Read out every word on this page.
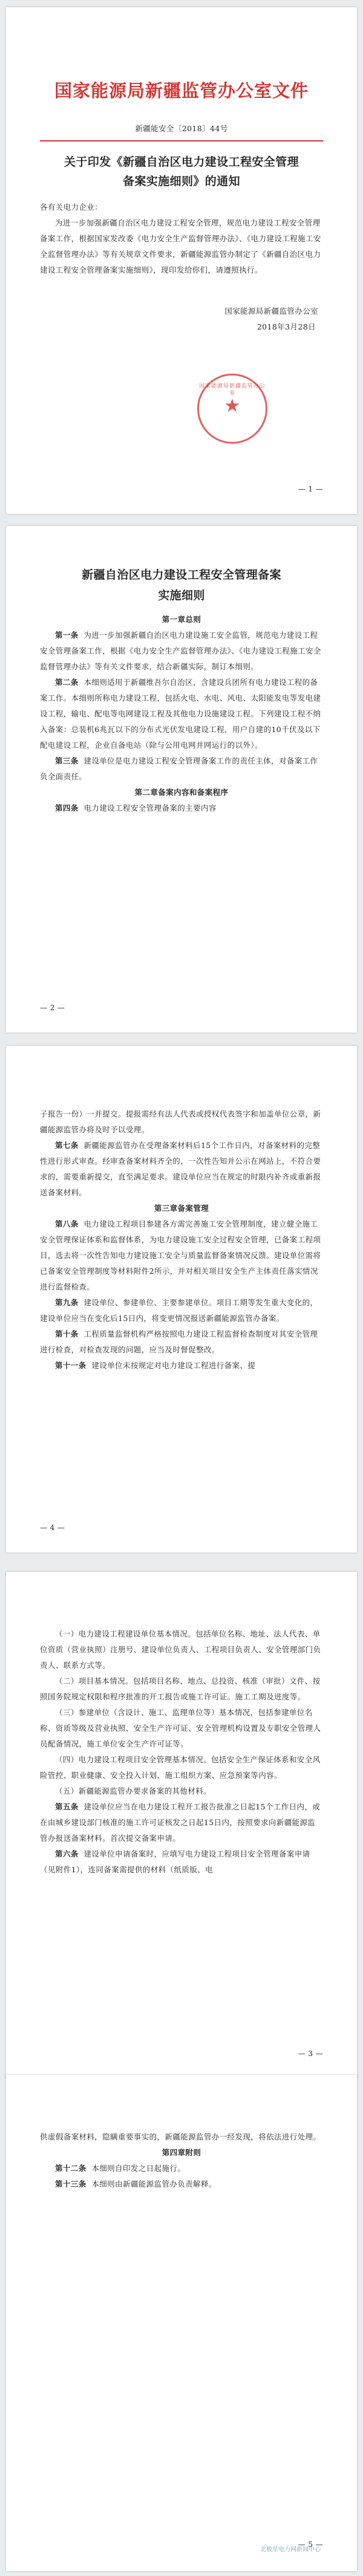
国家能源局新疆监管办公室文件
新疆能安全〔2018〕44号
关于印发《新疆自治区电力建设工程安全管理
备案实施细则》的通知

各有关电力企业：

为进一步加强新疆自治区电力建设工程安全管理，规范电力建设工程安全管理备案工作，根据国家发改委《电力安全生产监督管理办法》、《电力建设工程施工安全监督管理办法》等有关规章文件要求，新疆能源监管办制定了《新疆自治区电力建设工程安全管理备案实施细则》，现印发给你们，请遵照执行。

国家能源局新疆监管办公室
2018年3月28日
国家能源局新疆监管办公室
★
— 1 —
新疆自治区电力建设工程安全管理备案
实施细则

第一章总则

第一条 为进一步加强新疆自治区电力建设施工安全监管，规范电力建设工程安全管理备案工作，根据《电力安全生产监督管理办法》、《电力建设工程施工安全监督管理办法》等有关文件要求，结合新疆实际，制订本细则。

第二条 本细则适用于新疆维吾尔自治区，含建设兵团所有电力建设工程的备案工作。本细则所称电力建设工程，包括火电、水电、风电、太阳能发电等发电建设工程，输电、配电等电网建设工程及其他电力设施建设工程。下列建设工程不纳入备案：总装机6兆瓦以下的分布式光伏发电建设工程，用户自建的10千伏及以下配电建设工程，企业自备电站（除与公用电网并网运行的以外）。

第三条 建设单位是电力建设工程安全管理备案工作的责任主体，对备案工作负全面责任。

第二章备案内容和备案程序

第四条 电力建设工程安全管理备案的主要内容

— 2 —

子报告一份）一并提交。提报需经有法人代表或授权代表签字和加盖单位公章，新疆能源监管办将及时予以受理。

第七条 新疆能源监管办在受理备案材料后15个工作日内，对备案材料的完整性进行形式审查。经审查备案材料齐全的，一次性告知并公示在网站上，不符合要求的，需要重新提交，直至满足要求。建设单位应当在规定的时限内补齐或重新报送备案材料。

第三章备案管理

第八条 电力建设工程项目参建各方需完善施工安全管理制度，建立健全施工安全管理保证体系和监督体系，为电力建设施工安全过程安全管理，已备案工程项目，选去将一次性告知电力建设施工安全与质量监督备案情况反馈。建设单位需将已备案安全管理制度等材料附件2所示，并对相关项目安全生产主体责任落实情况进行监督检查。

第九条 建设单位、参建单位、主要参建单位。项目工期等发生重大变化的，建设单位应当在变化后15日内，将变更情况报送新疆能源监管办备案。

第十条 工程质量监督机构严格按照电力建设工程监督检查制度对其安全管理进行检查，对检查发现的问题，应当及时督促整改。

第十一条 建设单位未按规定对电力建设工程进行备案、提

— 4 —

（一）电力建设工程建设单位基本情况。包括单位名称、地址、法人代表、单位资质（营业执照）注册号、建设单位负责人、工程项目负责人、安全管理部门负责人、联系方式等。

（二）项目基本情况。包括项目名称、地点、总投资、核准（审批）文件、按照国务院规定权限和程序批准的开工报告或施工许可证。施工工期及进度等。

（三）参建单位（含设计、施工、监理单位等）基本情况，包括参建单位名称、资质等级及营业执照、安全生产许可证、安全管理机构设置及专职安全管理人员配备情况，施工单位安全生产许可证等。

（四）电力建设工程项目安全管理基本情况。包括安全生产保证体系和安全风险管控、职业健康、安全投入计划、施工组织方案、应急预案等内容。

（五）新疆能源监管办要求备案的其他材料。

第五条 建设单位应当在电力建设工程开工报告批准之日起15个工作日内，或在由城乡建设部门核准的施工许可证核发之日起15日内，按照要求向新疆能源监管办报送备案材料。首次提交备案申请。

第六条 建设单位申请备案时，应填写电力建设工程项目安全管理备案申请（见附件1），连同备案需提供的材料（纸质版、电

— 3 —

供虚假备案材料，隐瞒重要事实的，新疆能源监管办一经发现，将依法进行处理。

第四章附则

第十二条 本细则自印发之日起施行。

第十三条 本细则由新疆能源监管办负责解释。

— 5 —
北极星电力网新闻中心
